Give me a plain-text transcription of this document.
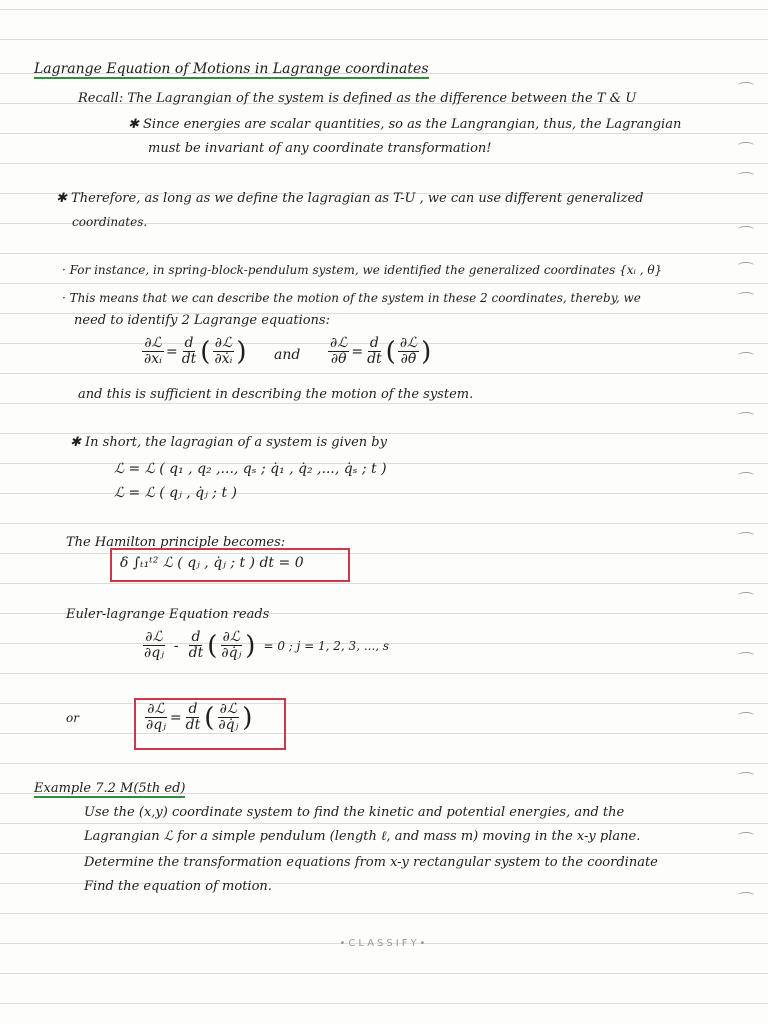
Lagrange Equation of Motions in Lagrange coordinates
Recall: The Lagrangian of the system is defined as the difference between the T & U
✱ Since energies are scalar quantities, so as the Langrangian, thus, the Lagrangian
must be invariant of any coordinate transformation!
✱ Therefore, as long as we define the lagragian as T-U , we can use different generalized
coordinates.
· For instance, in spring-block-pendulum system, we identified the generalized coordinates {xᵢ , θ}
· This means that we can describe the motion of the system in these 2 coordinates, thereby, we
need to identify 2 Lagrange equations:
∂ℒ
∂xᵢ = $\frac{d}{dt}$ ( ∂ℒ
∂ẋᵢ ) and
∂ℒ
$\partial\theta = \frac{d}{dt}$ ( ∂ℒ
∂θ̇ )
and this is sufficient in describing the motion of the system.
✱ In short, the lagragian of a system is given by
ℒ = ℒ ( q₁ , q₂ ,..., qₛ ; q̇₁ , q̇₂ ,..., q̇ₛ ; t )
ℒ = ℒ ( qⱼ , q̇ⱼ ; t )
The Hamilton principle becomes:
δ ∫ₜ₁ᵗ² ℒ ( qⱼ , q̇ⱼ ; t ) dt = 0
Euler-lagrange Equation reads
∂ℒ
∂qⱼ -
d
dt ( ∂ℒ
∂q̇ⱼ ) = 0 ; j = 1, 2, 3, ..., s
or
∂ℒ
∂qⱼ = $\frac{d}{dt}$ ( ∂ℒ
∂q̇ⱼ )
Example 7.2 M(5th ed)
Use the (x,y) coordinate system to find the kinetic and potential energies, and the
Lagrangian ℒ for a simple pendulum (length ℓ, and mass m) moving in the x-y plane.
Determine the transformation equations from x-y rectangular system to the coordinate
Find the equation of motion.
•CLASSIFY•
